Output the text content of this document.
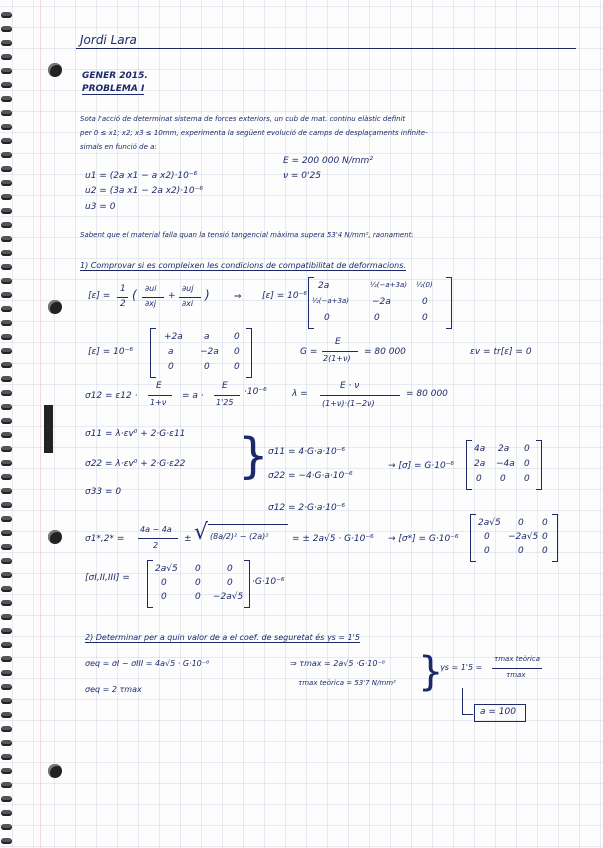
Jordi Lara
GENER 2015.
PROBLEMA I
Sota l'acció de determinat sistema de forces exteriors, un cub de mat. continu elàstic definit
per 0 ≤ x1; x2; x3 ≤ 10mm, experimenta la següent evolució de camps de desplaçaments infinite-
simals en funció de a:
u1 = (2a x1 − a x2)·10⁻⁶
u2 = (3a x1 − 2a x2)·10⁻⁶
u3 = 0
E = 200 000 N/mm²
ν = 0'25
Sabent que el material falla quan la tensió tangencial màxima supera 53'4 N/mm², raonament:
1) Comprovar si es compleixen les condicions de compatibilitat de deformacions.
[ε] =
1
2
( ∂ui
∂xj
+
∂uj
∂xi
)	⇒ [ε] = 10⁻⁶
2a	½(−a+3a) ½(0)
½(−a+3a)	−2a	0
0	0	0
[ε] = 10⁻⁶
+2a a	0
a	−2a 0
0	0	0
G =
E
2(1+ν)
= 80 000	εv = tr[ε] = 0
σ12 = ε12 ·
E
1+ν
= a ·
E
1'25
·10⁻⁶	λ =
E · ν
(1+ν)·(1−2ν)
= 80 000
σ11 = λ·εv⁰ + 2·G·ε11
σ22 = λ·εv⁰ + 2·G·ε22
σ33 = 0
} σ11 = 4·G·a·10⁻⁶
σ22 = −4·G·a·10⁻⁶
σ12 = 2·G·a·10⁻⁶
→ [σ] = G·10⁻⁶
4a 2a 0
2a −4a 0
0 0 0
σ1*,2* =
4a − 4a
2
± √ (8a/2)² − (2a)²	= ± 2a√5 · G·10⁻⁶ → [σ*] = G·10⁻⁶
2a√5 0 0
0 −2a√5 0
0	0 0
[σI,II,III] =
2a√5 0	0
0	0	0
0	0 −2a√5
·G·10⁻⁶
2) Determinar per a quin valor de a el coef. de seguretat és γs = 1'5
σeq = σI − σIII = 4a√5 · G·10⁻⁶
σeq = 2 τmax
⇒ τmax = 2a√5 ·G·10⁻⁶
τmax teòrica = 53'7 N/mm² }
γs = 1'5 =
τmax teòrica
τmax
a = 100
